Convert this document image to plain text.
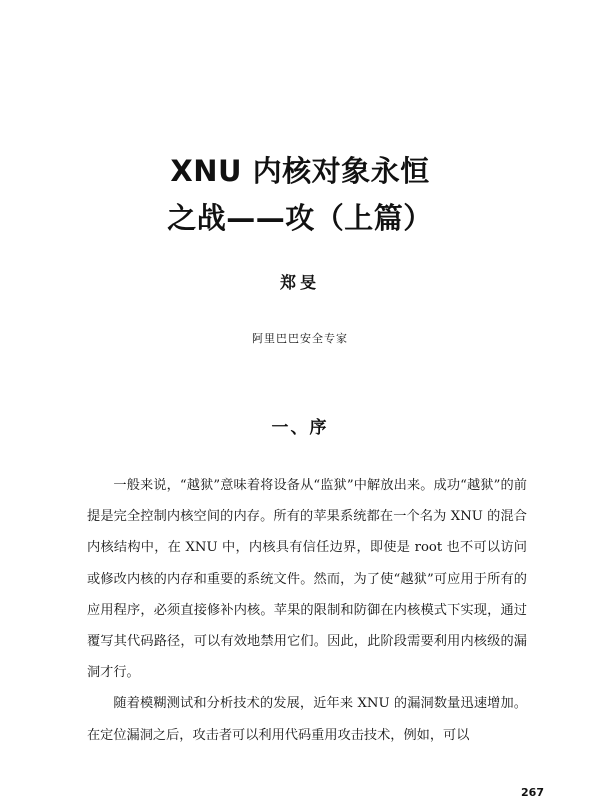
XNU 内核对象永恒
之战——攻（上篇）

郑旻

阿里巴巴安全专家

一、序

一般来说，“越狱”意味着将设备从“监狱”中解放出来。成功“越狱”的前提是完全控制内核空间的内存。所有的苹果系统都在一个名为 XNU 的混合内核结构中，在 XNU 中，内核具有信任边界，即使是 root 也不可以访问或修改内核的内存和重要的系统文件。然而，为了使“越狱”可应用于所有的应用程序，必须直接修补内核。苹果的限制和防御在内核模式下实现，通过覆写其代码路径，可以有效地禁用它们。因此，此阶段需要利用内核级的漏洞才行。

随着模糊测试和分析技术的发展，近年来 XNU 的漏洞数量迅速增加。在定位漏洞之后，攻击者可以利用代码重用攻击技术，例如，可以

267
